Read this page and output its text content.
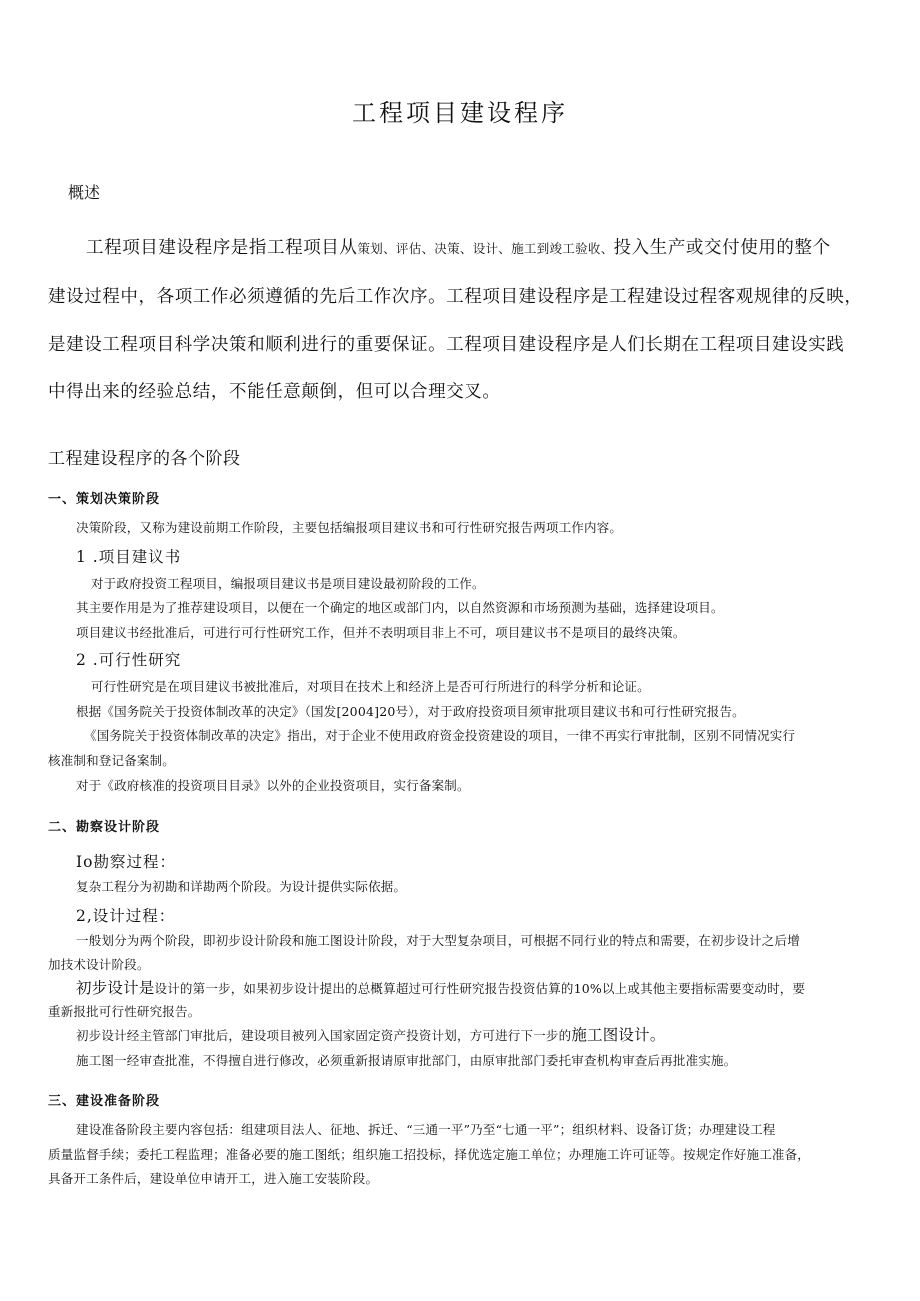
工程项目建设程序
概述
工程项目建设程序是指工程项目从策划、评估、决策、设计、施工到竣工验收、投入生产或交付使用的整个
建设过程中，各项工作必须遵循的先后工作次序。工程项目建设程序是工程建设过程客观规律的反映，
是建设工程项目科学决策和顺利进行的重要保证。工程项目建设程序是人们长期在工程项目建设实践
中得出来的经验总结，不能任意颠倒，但可以合理交叉。
工程建设程序的各个阶段
一、策划决策阶段
决策阶段，又称为建设前期工作阶段，主要包括编报项目建议书和可行性研究报告两项工作内容。
1 .项目建议书
对于政府投资工程项目，编报项目建议书是项目建设最初阶段的工作。
其主要作用是为了推荐建设项目，以便在一个确定的地区或部门内，以自然资源和市场预测为基础，选择建设项目。
项目建议书经批准后，可进行可行性研究工作，但并不表明项目非上不可，项目建议书不是项目的最终决策。
2 .可行性研究
可行性研究是在项目建议书被批准后，对项目在技术上和经济上是否可行所进行的科学分析和论证。
根据《国务院关于投资体制改革的决定》（国发[2004]20号），对于政府投资项目须审批项目建议书和可行性研究报告。
《国务院关于投资体制改革的决定》指出，对于企业不使用政府资金投资建设的项目，一律不再实行审批制，区别不同情况实行
核准制和登记备案制。
对于《政府核准的投资项目目录》以外的企业投资项目，实行备案制。
二、勘察设计阶段
Io勘察过程：
复杂工程分为初勘和详勘两个阶段。为设计提供实际依据。
2,设计过程：
一般划分为两个阶段，即初步设计阶段和施工图设计阶段，对于大型复杂项目，可根据不同行业的特点和需要，在初步设计之后增
加技术设计阶段。
初步设计是设计的第一步，如果初步设计提出的总概算超过可行性研究报告投资估算的10%以上或其他主要指标需要变动时，要
重新报批可行性研究报告。
初步设计经主管部门审批后，建设项目被列入国家固定资产投资计划，方可进行下一步的施工图设计。
施工图一经审查批准，不得擅自进行修改，必须重新报请原审批部门，由原审批部门委托审查机构审查后再批准实施。
三、建设准备阶段
建设准备阶段主要内容包括：组建项目法人、征地、拆迁、“三通一平”乃至“七通一平”；组织材料、设备订货；办理建设工程
质量监督手续；委托工程监理；准备必要的施工图纸；组织施工招投标，择优选定施工单位；办理施工许可证等。按规定作好施工准备，
具备开工条件后，建设单位申请开工，进入施工安装阶段。
